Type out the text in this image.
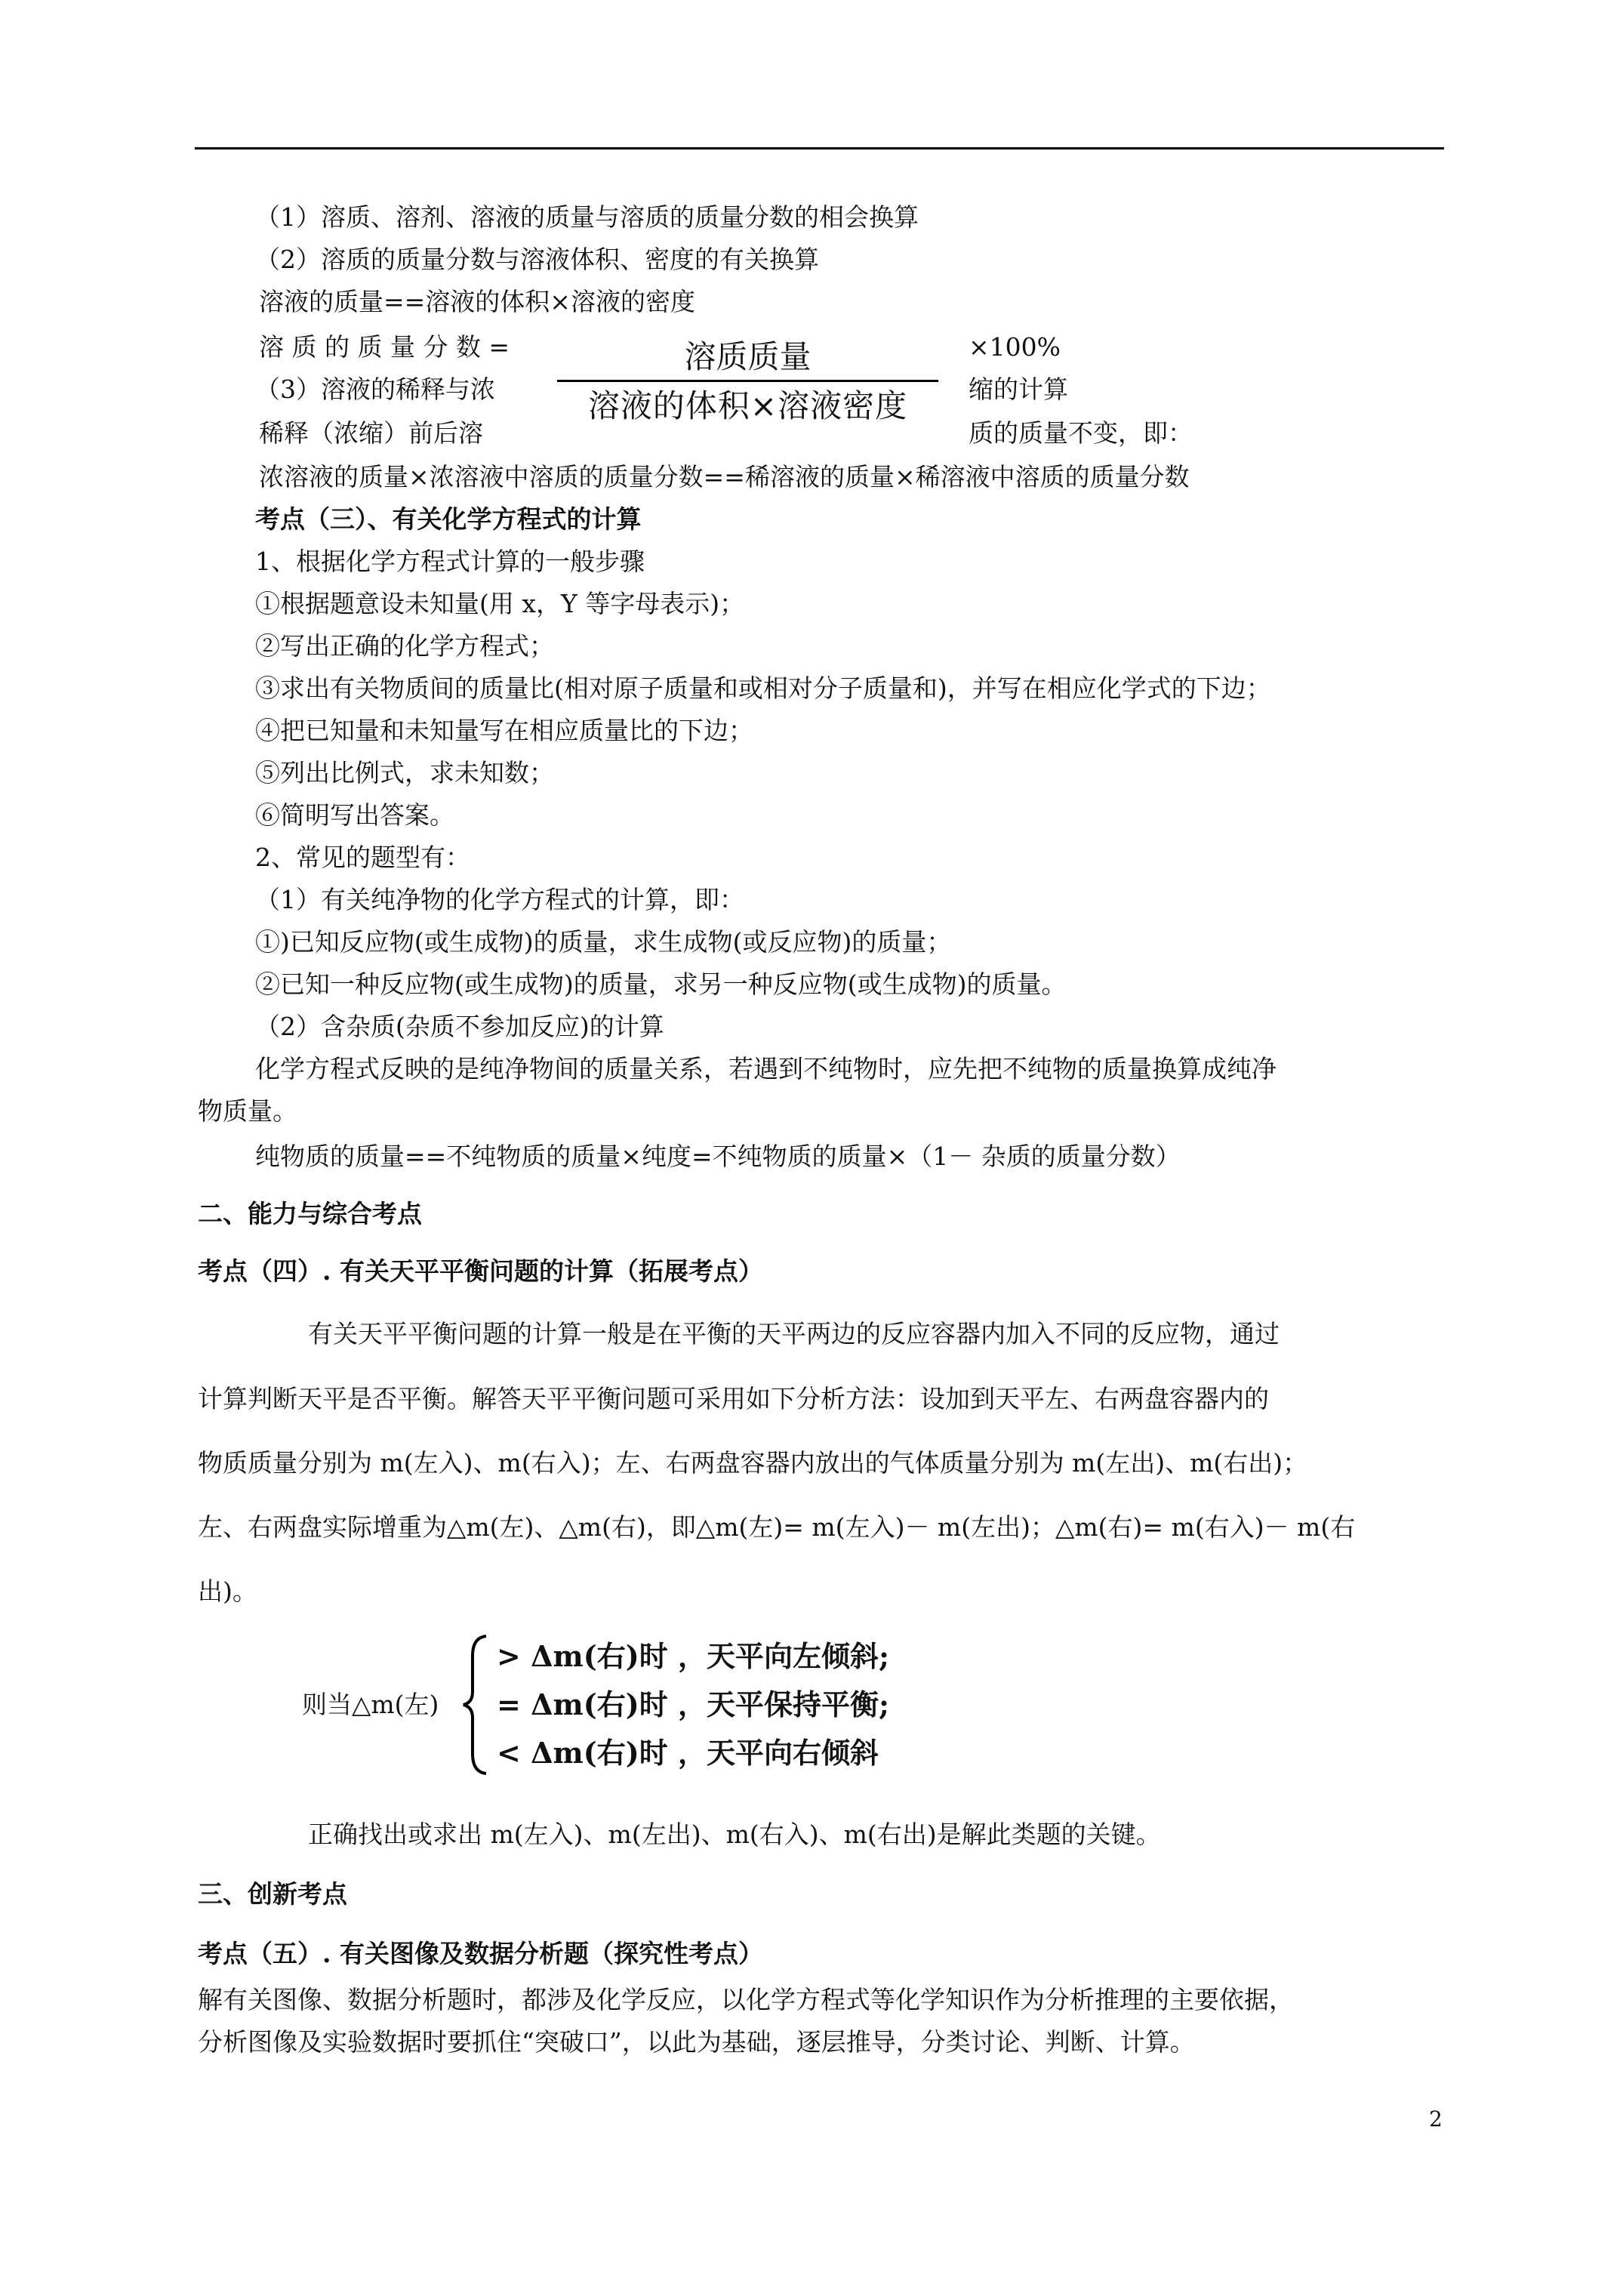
（1）溶质、溶剂、溶液的质量与溶质的质量分数的相会换算
（2）溶质的质量分数与溶液体积、密度的有关换算
溶液的质量==溶液的体积×溶液的密度
溶 质 的 质 量 分 数 =	×100%
（3）溶液的稀释与浓	缩的计算
稀释（浓缩）前后溶	质的质量不变，即：
溶质质量
溶液的体积×溶液密度
浓溶液的质量×浓溶液中溶质的质量分数==稀溶液的质量×稀溶液中溶质的质量分数
考点（三）、有关化学方程式的计算
1、根据化学方程式计算的一般步骤
①根据题意设未知量(用 x，Y 等字母表示)；
②写出正确的化学方程式；
③求出有关物质间的质量比(相对原子质量和或相对分子质量和)，并写在相应化学式的下边；
④把已知量和未知量写在相应质量比的下边；
⑤列出比例式，求未知数；
⑥简明写出答案。
2、常见的题型有：
（1）有关纯净物的化学方程式的计算，即：
①)已知反应物(或生成物)的质量，求生成物(或反应物)的质量；
②已知一种反应物(或生成物)的质量，求另一种反应物(或生成物)的质量。
（2）含杂质(杂质不参加反应)的计算
化学方程式反映的是纯净物间的质量关系，若遇到不纯物时，应先把不纯物的质量换算成纯净
物质量。
纯物质的质量==不纯物质的质量×纯度=不纯物质的质量×（1－ 杂质的质量分数）
二、能力与综合考点
考点（四）. 有关天平平衡问题的计算（拓展考点）
有关天平平衡问题的计算一般是在平衡的天平两边的反应容器内加入不同的反应物，通过
计算判断天平是否平衡。解答天平平衡问题可采用如下分析方法：设加到天平左、右两盘容器内的
物质质量分别为 m(左入)、m(右入)；左、右两盘容器内放出的气体质量分别为 m(左出)、m(右出)；
左、右两盘实际增重为△m(左)、△m(右)，即△m(左)= m(左入)－ m(左出)；△m(右)= m(右入)－ m(右
出)。
则当△m(左)
> Δm(右)时 ，天平向左倾斜;
= Δm(右)时 ，天平保持平衡;
< Δm(右)时 ，天平向右倾斜
正确找出或求出 m(左入)、m(左出)、m(右入)、m(右出)是解此类题的关键。
三、创新考点
考点（五）. 有关图像及数据分析题（探究性考点）
解有关图像、数据分析题时，都涉及化学反应，以化学方程式等化学知识作为分析推理的主要依据，
分析图像及实验数据时要抓住“突破口”，以此为基础，逐层推导，分类讨论、判断、计算。
2
